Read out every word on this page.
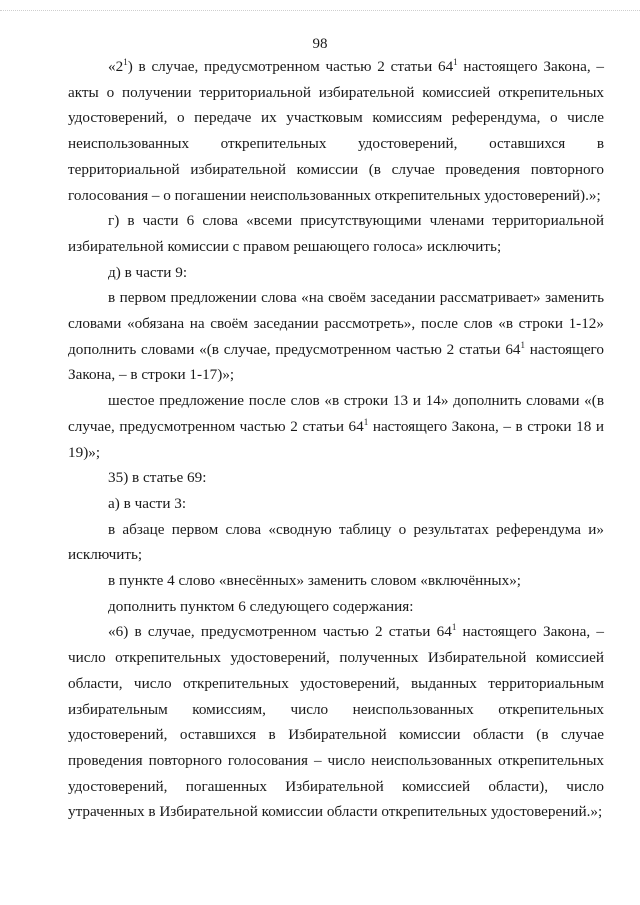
98

«$2^1$) в случае, предусмотренном частью 2 статьи $64^1$ настоящего Закона, – акты о получении территориальной избирательной комиссией открепительных удостоверений, о передаче их участковым комиссиям референдума, о числе неиспользованных открепительных удостоверений, оставшихся в территориальной избирательной комиссии (в случае проведения повторного голосования – о погашении неиспользованных открепительных удостоверений).»;

г) в части 6 слова «всеми присутствующими членами территориальной избирательной комиссии с правом решающего голоса» исключить;

д) в части 9:

в первом предложении слова «на своём заседании рассматривает» заменить словами «обязана на своём заседании рассмотреть», после слов «в строки 1-12» дополнить словами «(в случае, предусмотренном частью 2 статьи $64^1$ настоящего Закона, – в строки 1-17)»;

шестое предложение после слов «в строки 13 и 14» дополнить словами «(в случае, предусмотренном частью 2 статьи $64^1$ настоящего Закона, – в строки 18 и 19)»;

35) в статье 69:

а) в части 3:

в абзаце первом слова «сводную таблицу о результатах референдума и» исключить;

в пункте 4 слово «внесённых» заменить словом «включённых»;

дополнить пунктом 6 следующего содержания:

«6) в случае, предусмотренном частью 2 статьи $64^1$ настоящего Закона, – число открепительных удостоверений, полученных Избирательной комиссией области, число открепительных удостоверений, выданных территориальным избирательным комиссиям, число неиспользованных открепительных удостоверений, оставшихся в Избирательной комиссии области (в случае проведения повторного голосования – число неиспользованных открепительных удостоверений, погашенных Избирательной комиссией области), число утраченных в Избирательной комиссии области открепительных удостоверений.»;
